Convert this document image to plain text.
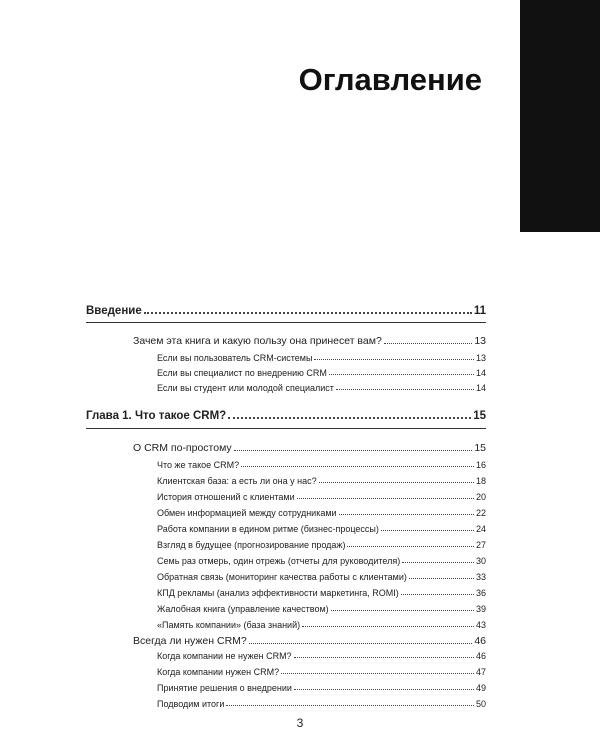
Оглавление
Введение	11
Зачем эта книга и какую пользу она принесет вам?	13
Если вы пользователь CRM-системы	13
Если вы специалист по внедрению CRM	14
Если вы студент или молодой специалист	14
Глава 1. Что такое CRM?	15
О CRM по-простому	15
Что же такое CRM?	16
Клиентская база: а есть ли она у нас?	18
История отношений с клиентами	20
Обмен информацией между сотрудниками	22
Работа компании в едином ритме (бизнес-процессы)	24
Взгляд в будущее (прогнозирование продаж)	27
Семь раз отмерь, один отрежь (отчеты для руководителя)	30
Обратная связь (мониторинг качества работы с клиентами)	33
КПД рекламы (анализ эффективности маркетинга, ROMI)	36
Жалобная книга (управление качеством)	39
«Память компании» (база знаний)	43
Всегда ли нужен CRM?	46
Когда компании не нужен CRM?	46
Когда компании нужен CRM?	47
Принятие решения о внедрении	49
Подводим итоги	50
3
